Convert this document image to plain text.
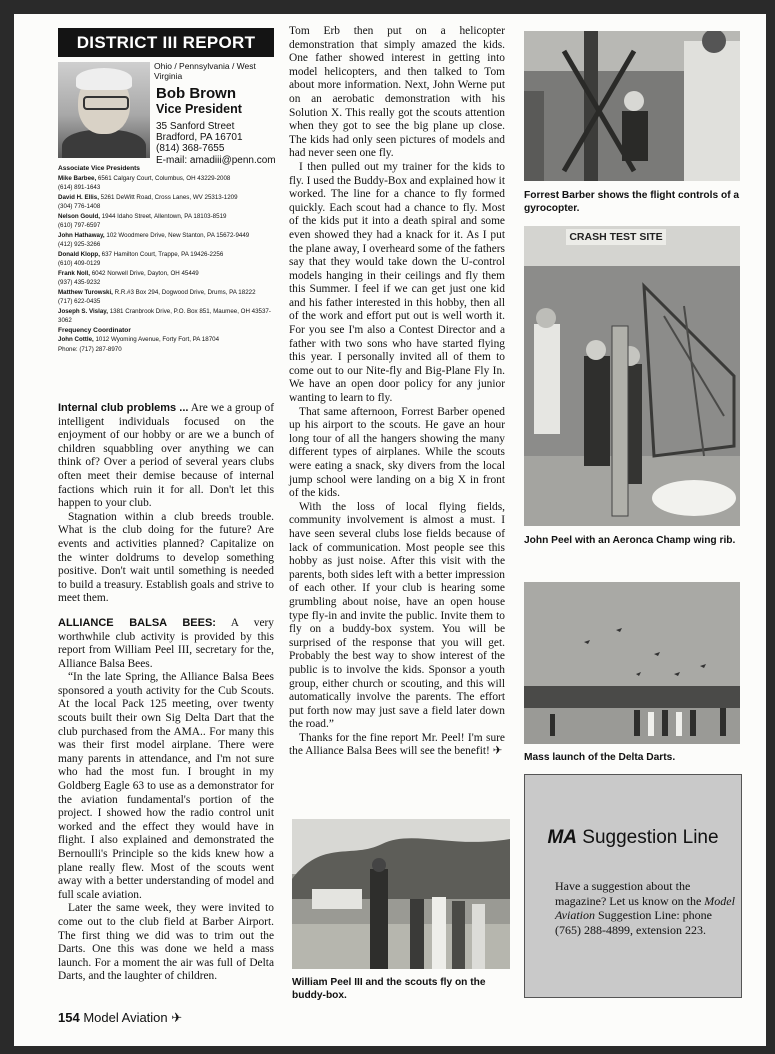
DISTRICT III REPORT
Ohio / Pennsylvania / West Virginia
Bob Brown
Vice President
35 Sanford Street
Bradford, PA 16701
(814) 368-7655
E-mail: amadiii@penn.com
Associate Vice Presidents
Mike Barbee, 6561 Calgary Court, Columbus, OH 43229-2008
(614) 891-1643
David H. Ellis, 5261 DeWitt Road, Cross Lanes, WV 25313-1209
(304) 776-1408
Nelson Gould, 1944 Idaho Street, Allentown, PA 18103-8519
(610) 797-6597
John Hathaway, 102 Woodmere Drive, New Stanton, PA 15672-9449
(412) 925-3266
Donald Klopp, 637 Hamilton Court, Trappe, PA 19426-2256
(610) 409-0129
Frank Noll, 6042 Norwell Drive, Dayton, OH 45449
(937) 435-9232
Matthew Turowski, R.R.#3 Box 294, Dogwood Drive, Drums, PA 18222
(717) 622-0435
Joseph S. Vislay, 1381 Cranbrook Drive, P.O. Box 851, Maumee, OH 43537-3062
Frequency Coordinator
John Cottle, 1012 Wyoming Avenue, Forty Fort, PA 18704
Phone: (717) 287-8970

Internal club problems ... Are we a group of intelligent individuals focused on the enjoyment of our hobby or are we a bunch of children squabbling over anything we can think of? Over a period of several years clubs often meet their demise because of internal factions which ruin it for all. Don't let this happen to your club.

Stagnation within a club breeds trouble. What is the club doing for the future? Are events and activities planned? Capitalize on the winter doldrums to develop something positive. Don't wait until something is needed to build a treasury. Establish goals and strive to meet them.

ALLIANCE BALSA BEES: A very worthwhile club activity is provided by this report from William Peel III, secretary for the, Alliance Balsa Bees.

“In the late Spring, the Alliance Balsa Bees sponsored a youth activity for the Cub Scouts. At the local Pack 125 meeting, over twenty scouts built their own Sig Delta Dart that the club purchased from the AMA.. For many this was their first model airplane. There were many parents in attendance, and I'm not sure who had the most fun. I brought in my Goldberg Eagle 63 to use as a demonstrator for the aviation fundamental's portion of the project. I showed how the radio control unit worked and the effect they would have in flight. I also explained and demonstrated the Bernoulli's Principle so the kids knew how a plane really flew. Most of the scouts went away with a better understanding of model and full scale aviation.

Later the same week, they were invited to come out to the club field at Barber Airport. The first thing we did was to trim out the Darts. One this was done we held a mass launch. For a moment the air was full of Delta Darts, and the laughter of children.

Tom Erb then put on a helicopter demonstration that simply amazed the kids. One father showed interest in getting into model helicopters, and then talked to Tom about more information. Next, John Werne put on an aerobatic demonstration with his Solution X. This really got the scouts attention when they got to see the big plane up close. The kids had only seen pictures of models and had never seen one fly.

I then pulled out my trainer for the kids to fly. I used the Buddy-Box and explained how it worked. The line for a chance to fly formed quickly. Each scout had a chance to fly. Most of the kids put it into a death spiral and some even showed they had a knack for it. As I put the plane away, I overheard some of the fathers say that they would take down the U-control models hanging in their ceilings and fly them this Summer. I feel if we can get just one kid and his father interested in this hobby, then all of the work and effort put out is well worth it. For you see I'm also a Contest Director and a father with two sons who have started flying this year. I personally invited all of them to come out to our Nite-fly and Big-Plane Fly In. We have an open door policy for any junior wanting to learn to fly.

That same afternoon, Forrest Barber opened up his airport to the scouts. He gave an hour long tour of all the hangers showing the many different types of airplanes. While the scouts were eating a snack, sky divers from the local jump school were landing on a big X in front of the kids.

With the loss of local flying fields, community involvement is almost a must. I have seen several clubs lose fields because of lack of communication. Most people see this hobby as just noise. After this visit with the parents, both sides left with a better impression of each other. If your club is hearing some grumbling about noise, have an open house type fly-in and invite the public. Invite them to fly on a buddy-box system. You will be surprised of the response that you will get. Probably the best way to show interest of the public is to involve the kids. Sponsor a youth group, either church or scouting, and this will automatically involve the parents. The effort put forth now may just save a field later down the road.”

Thanks for the fine report Mr. Peel! I'm sure the Alliance Balsa Bees will see the benefit! ✈

William Peel III and the scouts fly on the buddy-box.
Forrest Barber shows the flight controls of a gyrocopter.
CRASH TEST SITE
John Peel with an Aeronca Champ wing rib.
Mass launch of the Delta Darts.
MA Suggestion Line
Have a suggestion about the magazine? Let us know on the Model Aviation Suggestion Line: phone (765) 288-4899, extension 223.
154 Model Aviation ✈
